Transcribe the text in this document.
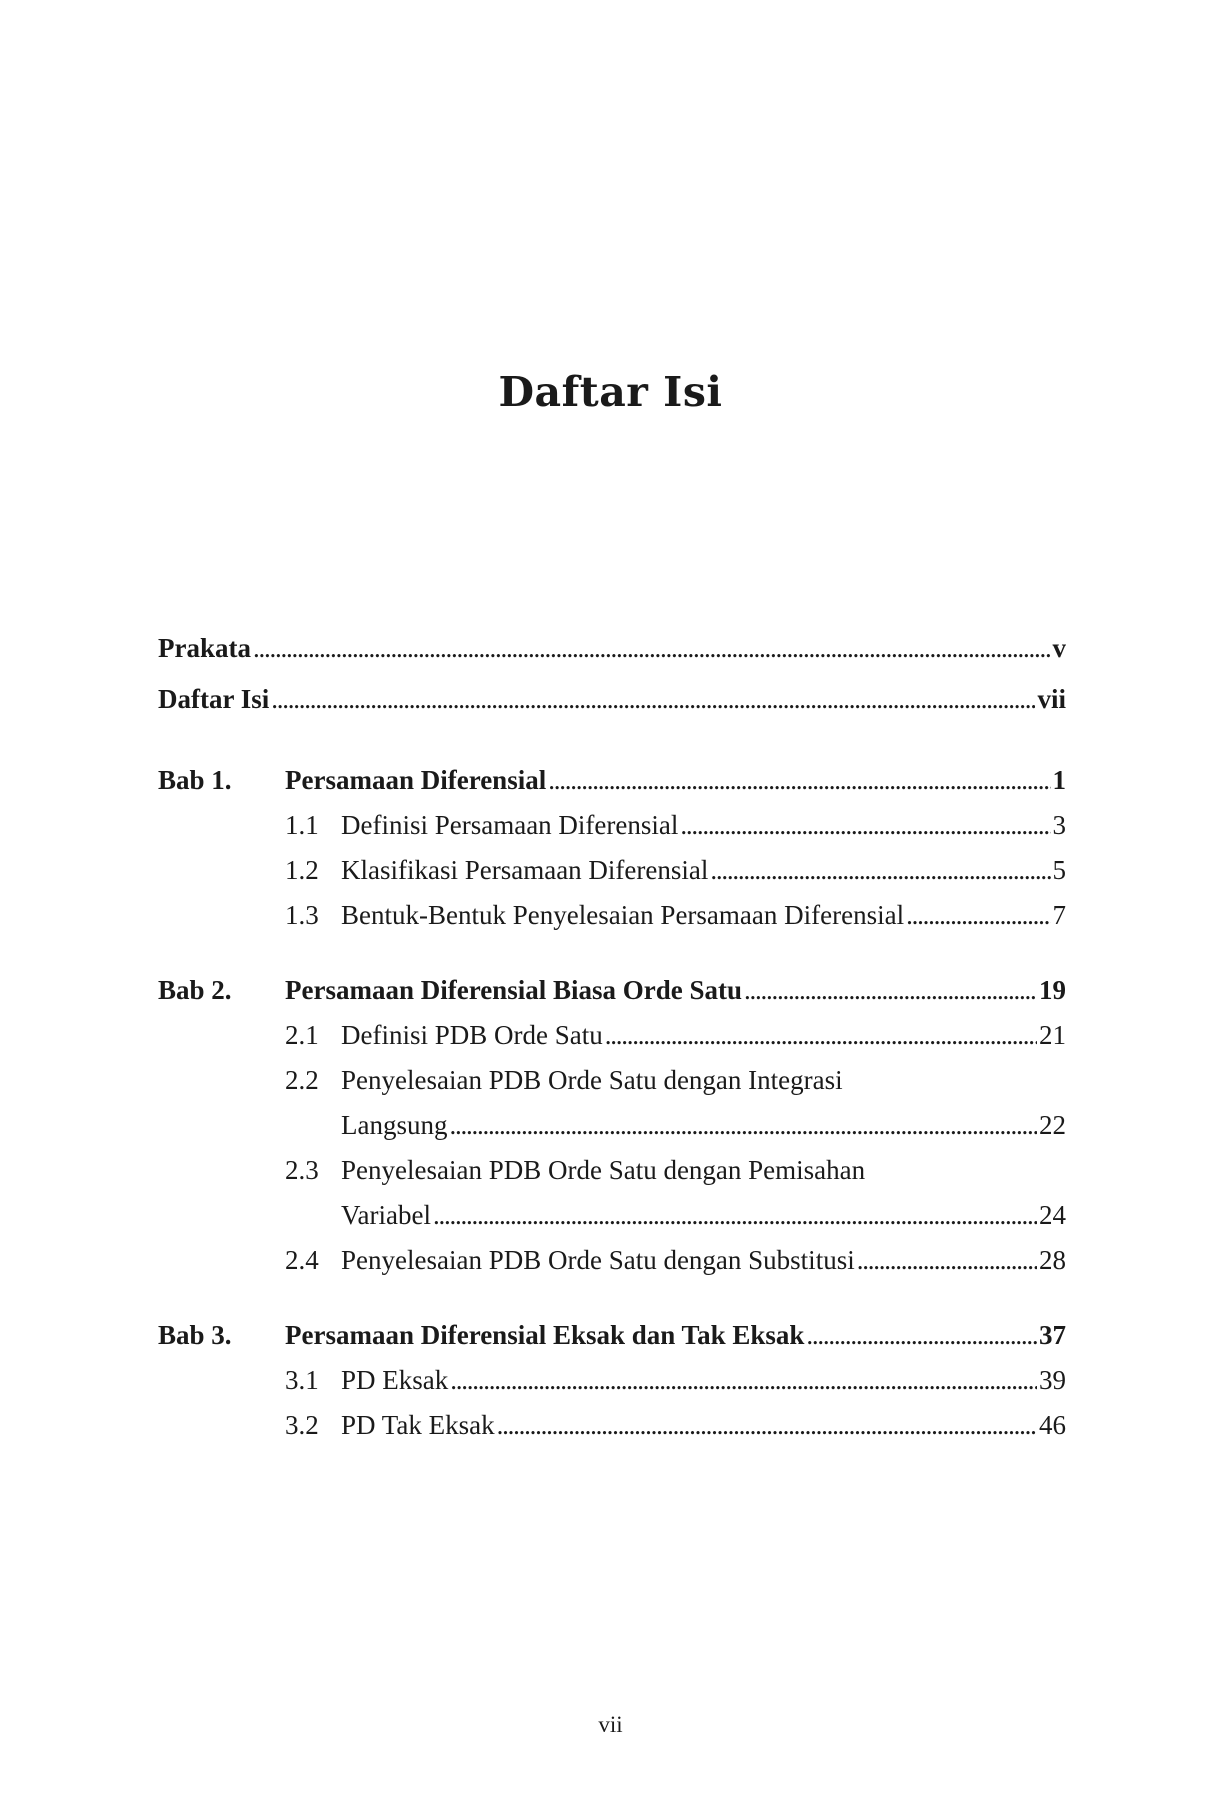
Daftar Isi
Prakata . . .	v
Daftar Isi . . .	vii
Bab 1.	Persamaan Diferensial . . .	1
1.1 Definisi Persamaan Diferensial . . .	3
1.2 Klasifikasi Persamaan Diferensial . . .	5
1.3 Bentuk-Bentuk Penyelesaian Persamaan Diferensial . . .	7
Bab 2.	Persamaan Diferensial Biasa Orde Satu . . .	19
2.1 Definisi PDB Orde Satu . . .	21
2.2 Penyelesaian PDB Orde Satu dengan Integrasi
Langsung . . .	22
2.3 Penyelesaian PDB Orde Satu dengan Pemisahan
Variabel . . .	24
2.4 Penyelesaian PDB Orde Satu dengan Substitusi . . .	28
Bab 3.	Persamaan Diferensial Eksak dan Tak Eksak . . .	37
3.1 PD Eksak . . .	39
3.2 PD Tak Eksak . . .	46
vii
